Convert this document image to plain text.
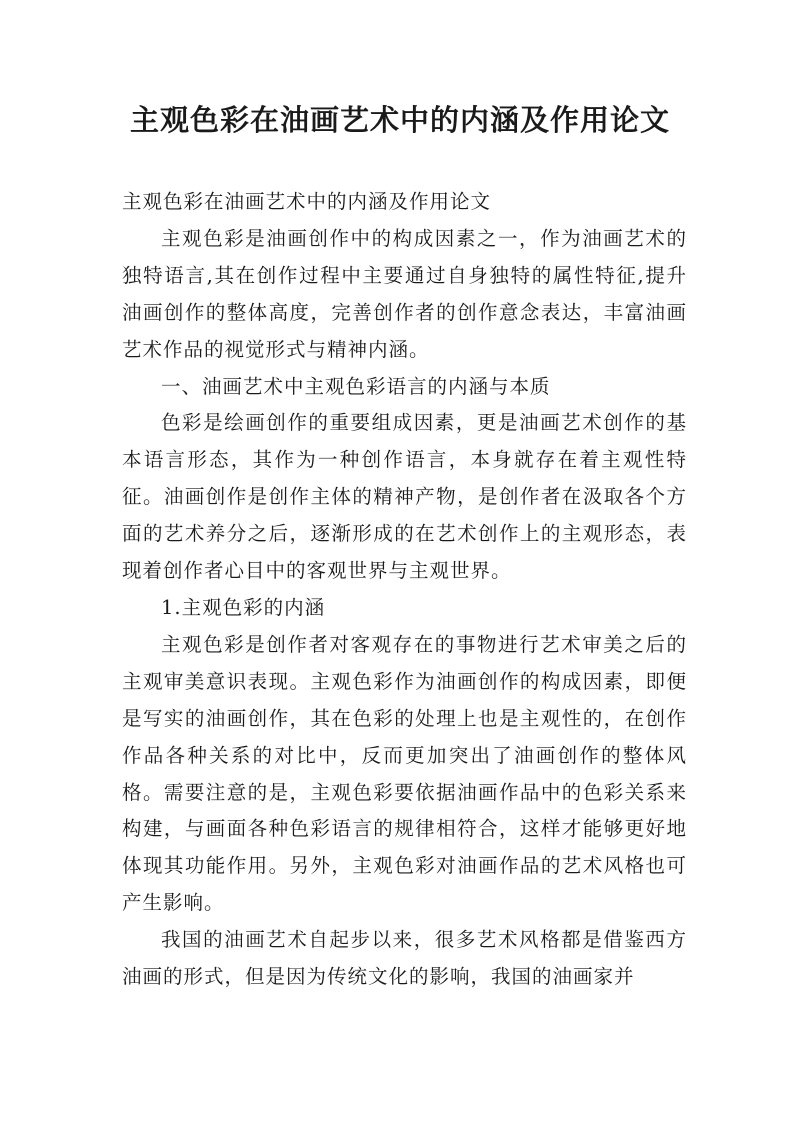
主观色彩在油画艺术中的内涵及作用论文

主观色彩在油画艺术中的内涵及作用论文

主观色彩是油画创作中的构成因素之一，作为油画艺术的独特语言,其在创作过程中主要通过自身独特的属性特征,提升油画创作的整体高度，完善创作者的创作意念表达，丰富油画艺术作品的视觉形式与精神内涵。

一、油画艺术中主观色彩语言的内涵与本质

色彩是绘画创作的重要组成因素，更是油画艺术创作的基本语言形态，其作为一种创作语言，本身就存在着主观性特征。油画创作是创作主体的精神产物，是创作者在汲取各个方面的艺术养分之后，逐渐形成的在艺术创作上的主观形态，表现着创作者心目中的客观世界与主观世界。

1.主观色彩的内涵

主观色彩是创作者对客观存在的事物进行艺术审美之后的主观审美意识表现。主观色彩作为油画创作的构成因素，即便是写实的油画创作，其在色彩的处理上也是主观性的，在创作作品各种关系的对比中，反而更加突出了油画创作的整体风格。需要注意的是，主观色彩要依据油画作品中的色彩关系来构建，与画面各种色彩语言的规律相符合，这样才能够更好地体现其功能作用。另外，主观色彩对油画作品的艺术风格也可产生影响。

我国的油画艺术自起步以来，很多艺术风格都是借鉴西方油画的形式，但是因为传统文化的影响，我国的油画家并
